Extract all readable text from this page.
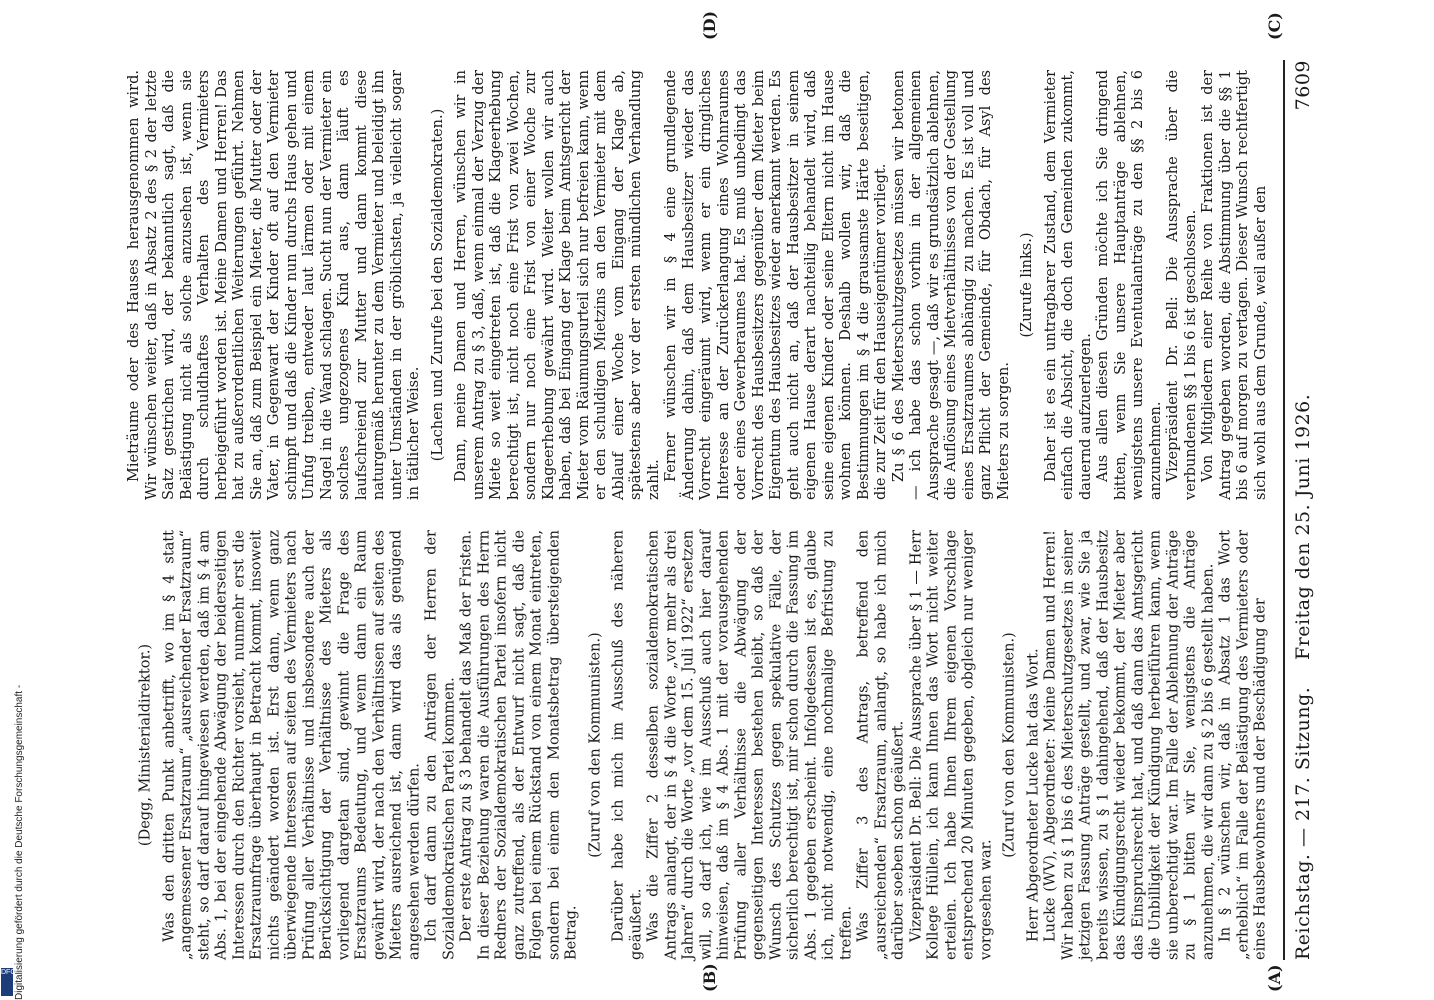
Reichstag. — 217. Sitzung.
Freitag den 25. Juni 1926.
7609
(A)
(B)
(C)
(D)

(Degg, Ministerialdirektor.) Was den dritten Punkt anbetrifft, wo im § 4 statt „angemessener Ersatzraum“ „ausreichender Ersatzraum“ steht, so darf darauf hingewiesen werden, daß im § 4 am Abs. 1, bei der eingehende Abwägung der beiderseitigen Interessen durch den Richter vorsieht, nunmehr erst die Ersatzraumfrage überhaupt in Betracht kommt, insoweit nichts geändert worden ist. Erst dann, wenn ganz überwiegende Interessen auf seiten des Vermieters nach Prüfung aller Verhältnisse und insbesondere auch der Berücksichtigung der Verhältnisse des Mieters als vorliegend dargetan sind, gewinnt die Frage des Ersatzraums Bedeutung, und wenn dann ein Raum gewährt wird, der nach den Verhältnissen auf seiten des Mieters ausreichend ist, dann wird das als genügend angesehen werden dürfen. Ich darf dann zu den Anträgen der Herren der Sozialdemokratischen Partei kommen. Der erste Antrag zu § 3 behandelt das Maß der Fristen. In dieser Beziehung waren die Ausführungen des Herrn Redners der Sozialdemokratischen Partei insofern nicht ganz zutreffend, als der Entwurf nicht sagt, daß die Folgen bei einem Rückstand von einem Monat eintreten, sondern bei einem den Monatsbetrag übersteigenden Betrag.

(Zuruf von den Kommunisten.) Darüber habe ich mich im Ausschuß des näheren geäußert. Was die Ziffer 2 desselben sozialdemokratischen Antrags anlangt, der in § 4 die Worte „vor mehr als drei Jahren“ durch die Worte „vor dem 15. Juli 1922“ ersetzen will, so darf ich, wie im Ausschuß auch hier darauf hinweisen, daß im § 4 Abs. 1 mit der vorausgehenden Prüfung aller Verhältnisse die Abwägung der gegenseitigen Interessen bestehen bleibt, so daß der Wunsch des Schutzes gegen spekulative Fälle, der sicherlich berechtigt ist, mir schon durch die Fassung im Abs. 1 gegeben erscheint. Infolgedessen ist es, glaube ich, nicht notwendig, eine nochmalige Befristung zu treffen. Was Ziffer 3 des Antrags, betreffend den „ausreichenden“ Ersatzraum, anlangt, so habe ich mich darüber soeben schon geäußert. Vizepräsident Dr. Bell: Die Aussprache über § 1 — Herr Kollege Hüllein, ich kann Ihnen das Wort nicht weiter erteilen. Ich habe Ihnen Ihrem eigenen Vorschlage entsprechend 20 Minuten gegeben, obgleich nur weniger vorgesehen war.

(Zuruf von den Kommunisten.) Herr Abgeordneter Lucke hat das Wort. Lucke (WV), Abgeordneter: Meine Damen und Herren! Wir haben zu § 1 bis 6 des Mieterschutzgesetzes in seiner jetzigen Fassung Anträge gestellt, und zwar, wie Sie ja bereits wissen, zu § 1 dahingehend, daß der Hausbesitz das Kündigungsrecht wieder bekommt, der Mieter aber das Einspruchsrecht hat, und daß dann das Amtsgericht die Unbilligkeit der Kündigung herbeiführen kann, wenn sie unberechtigt war. Im Falle der Ablehnung der Anträge zu § 1 bitten wir Sie, wenigstens die Anträge anzunehmen, die wir dann zu § 2 bis 6 gestellt haben. In § 2 wünschen wir, daß in Absatz 1 das Wort „erheblich“ im Falle der Belästigung des Vermieters oder eines Hausbewohners und der Beschädigung der

Mieträume oder des Hauses herausgenommen wird. Wir wünschen weiter, daß in Absatz 2 des § 2 der letzte Satz gestrichen wird, der bekanntlich sagt, daß die Belästigung nicht als solche anzusehen ist, wenn sie durch schuldhaftes Verhalten des Vermieters herbeigeführt worden ist. Meine Damen und Herren! Das hat zu außerordentlichen Weiterungen geführt. Nehmen Sie an, daß zum Beispiel ein Mieter, die Mutter oder der Vater, in Gegenwart der Kinder oft auf den Vermieter schimpft und daß die Kinder nun durchs Haus gehen und Unfug treiben, entweder laut lärmen oder mit einem Nagel in die Wand schlagen. Sucht nun der Vermieter ein solches ungezogenes Kind aus, dann läuft es laufschreiend zur Mutter und dann kommt diese naturgemäß herunter zu dem Vermieter und beleidigt ihn unter Umständen in der gröblichsten, ja vielleicht sogar in tätlicher Weise. (Lachen und Zurufe bei den Sozialdemokraten.) Dann, meine Damen und Herren, wünschen wir in unserem Antrag zu § 3, daß, wenn einmal der Verzug der Miete so weit eingetreten ist, daß die Klageerhebung berechtigt ist, nicht noch eine Frist von zwei Wochen, sondern nur noch eine Frist von einer Woche zur Klageerhebung gewährt wird. Weiter wollen wir auch haben, daß bei Eingang der Klage beim Amtsgericht der Mieter vom Räumungsurteil sich nur befreien kann, wenn er den schuldigen Mietzins an den Vermieter mit dem Ablauf einer Woche vom Eingang der Klage ab, spätestens aber vor der ersten mündlichen Verhandlung zahlt. Ferner wünschen wir in § 4 eine grundlegende Änderung dahin, daß dem Hausbesitzer wieder das Vorrecht eingeräumt wird, wenn er ein dringliches Interesse an der Zurückerlangung eines Wohnraumes oder eines Gewerberaumes hat. Es muß unbedingt das Vorrecht des Hausbesitzers gegenüber dem Mieter beim Eigentum des Hausbesitzes wieder anerkannt werden. Es geht auch nicht an, daß der Hausbesitzer in seinem eigenen Hause derart nachteilig behandelt wird, daß seine eigenen Kinder oder seine Eltern nicht im Hause wohnen können. Deshalb wollen wir, daß die Bestimmungen im § 4 die grausamste Härte beseitigen, die zur Zeit für den Hauseigentümer vorliegt. Zu § 6 des Mieterschutzgesetzes müssen wir betonen — ich habe das schon vorhin in der allgemeinen Aussprache gesagt —, daß wir es grundsätzlich ablehnen, die Auflösung eines Mietverhältnisses von der Gestellung eines Ersatzraumes abhängig zu machen. Es ist voll und ganz Pflicht der Gemeinde, für Obdach, für Asyl des Mieters zu sorgen.

(Zurufe links.) Daher ist es ein untragbarer Zustand, dem Vermieter einfach die Absicht, die doch den Gemeinden zukommt, dauernd aufzuerlegen. Aus allen diesen Gründen möchte ich Sie dringend bitten, wenn Sie unsere Hauptanträge ablehnen, wenigstens unsere Eventualanträge zu den §§ 2 bis 6 anzunehmen. Vizepräsident Dr. Bell: Die Aussprache über die verbundenen §§ 1 bis 6 ist geschlossen. Von Mitgliedern einer Reihe von Fraktionen ist der Antrag gegeben worden, die Abstimmung über die §§ 1 bis 6 auf morgen zu vertagen. Dieser Wunsch rechtfertigt sich wohl aus dem Grunde, weil außer den

Digitalisierung gefördert durch die Deutsche Forschungsgemeinschaft -
DFG
